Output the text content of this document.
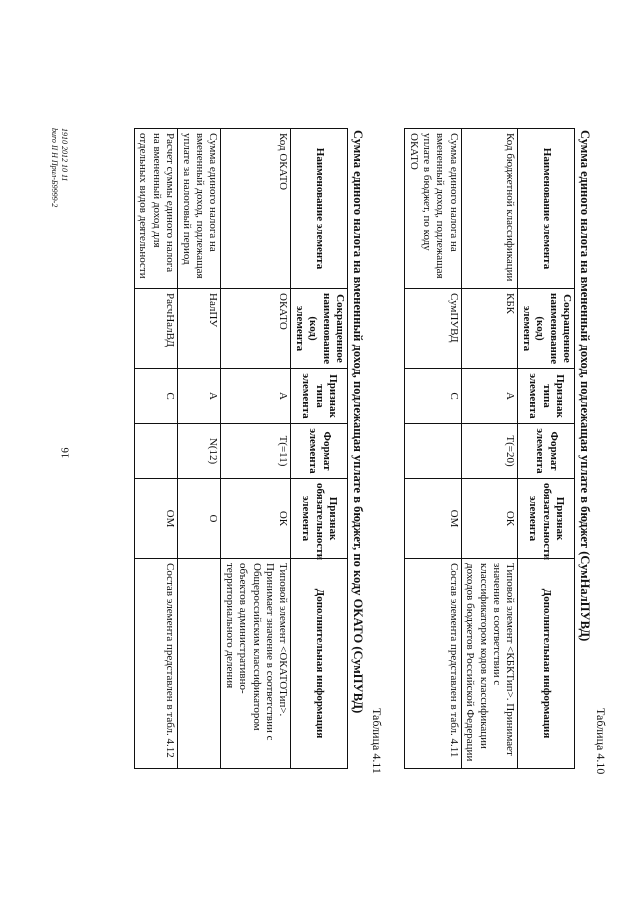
16
Таблица 4.10
Сумма единого налога на вмененный доход, подлежащая уплате в бюджет (СумНалПУВД)
Наименование элемента	Сокращенное наименование (код) элемента	Признак типа элемента	Формат элемента	Признак обязательности элемента	Дополнительная информация
Код бюджетной классификации	КБК	А	T(=20)	ОК	Типовой элемент <КБКТип>. Принимает значение в соответствии с классификатором кодов классификации доходов бюджетов Российской Федерации
Сумма единого налога на вмененный доход, подлежащая уплате в бюджет, по коду ОКАТО	СумПУВД	С		ОМ	Состав элемента представлен в табл. 4.11
Таблица 4.11
Сумма единого налога на вмененный доход, подлежащая уплате в бюджет, по коду ОКАТО (СумПУВД)
Наименование элемента	Сокращенное наименование (код) элемента	Признак типа элемента	Формат элемента	Признак обязательности элемента	Дополнительная информация
Код ОКАТО	ОКАТО	А	T(=11)	ОК	Типовой элемент <ОКАТОТип>. Принимает значение в соответствии с Общероссийским классификатором объектов административно-территориального деления
Сумма единого налога на вмененный доход, подлежащая уплате за налоговый период	НалПУ	А	N(12)	О	
Расчет суммы единого налога на вмененный доход для отдельных видов деятельности	РасчНалВД	С		ОМ	Состав элемента представлен в табл. 4.12
1910 2012 10 11
buro II H Прил-Б9999-2
